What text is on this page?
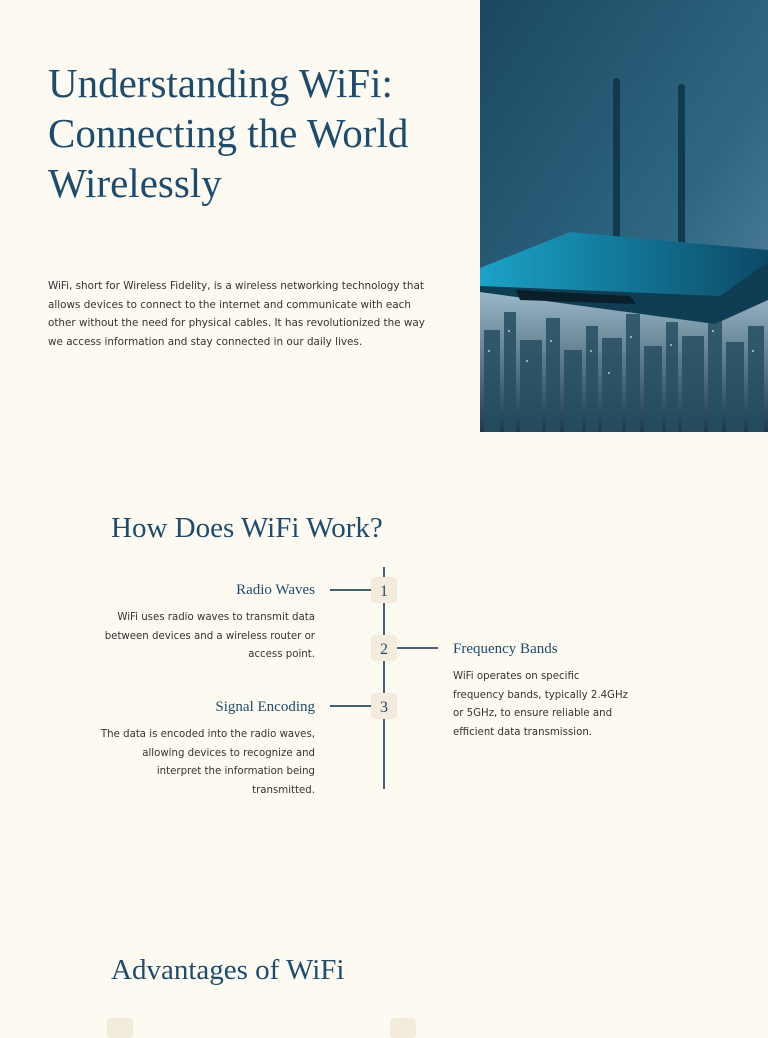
Understanding WiFi: Connecting the World Wirelessly

WiFi, short for Wireless Fidelity, is a wireless networking technology that allows devices to connect to the internet and communicate with each other without the need for physical cables. It has revolutionized the way we access information and stay connected in our daily lives.

How Does WiFi Work?
1
2
3
Radio Waves

WiFi uses radio waves to transmit data between devices and a wireless router or access point.	Frequency Bands

WiFi operates on specific frequency bands, typically 2.4GHz or 5GHz, to ensure reliable and efficient data transmission.

Signal Encoding

The data is encoded into the radio waves, allowing devices to recognize and interpret the information being transmitted.

Advantages of WiFi
